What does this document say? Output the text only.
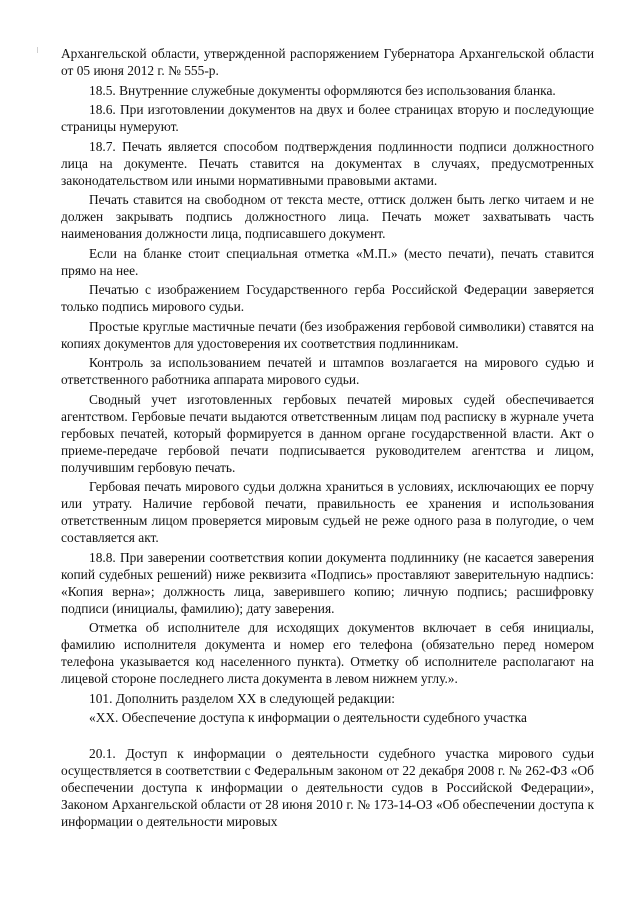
Архангельской области, утвержденной распоряжением Губернатора Архангельской области от 05 июня 2012 г. № 555-р.

18.5. Внутренние служебные документы оформляются без использования бланка.

18.6. При изготовлении документов на двух и более страницах вторую и последующие страницы нумеруют.

18.7. Печать является способом подтверждения подлинности подписи должностного лица на документе. Печать ставится на документах в случаях, предусмотренных законодательством или иными нормативными правовыми актами.

Печать ставится на свободном от текста месте, оттиск должен быть легко читаем и не должен закрывать подпись должностного лица. Печать может захватывать часть наименования должности лица, подписавшего документ.

Если на бланке стоит специальная отметка «М.П.» (место печати), печать ставится прямо на нее.

Печатью с изображением Государственного герба Российской Федерации заверяется только подпись мирового судьи.

Простые круглые мастичные печати (без изображения гербовой символики) ставятся на копиях документов для удостоверения их соответствия подлинникам.

Контроль за использованием печатей и штампов возлагается на мирового судью и ответственного работника аппарата мирового судьи.

Сводный учет изготовленных гербовых печатей мировых судей обеспечивается агентством. Гербовые печати выдаются ответственным лицам под расписку в журнале учета гербовых печатей, который формируется в данном органе государственной власти. Акт о приеме-передаче гербовой печати подписывается руководителем агентства и лицом, получившим гербовую печать.

Гербовая печать мирового судьи должна храниться в условиях, исключающих ее порчу или утрату. Наличие гербовой печати, правильность ее хранения и использования ответственным лицом проверяется мировым судьей не реже одного раза в полугодие, о чем составляется акт.

18.8. При заверении соответствия копии документа подлиннику (не касается заверения копий судебных решений) ниже реквизита «Подпись» проставляют заверительную надпись: «Копия верна»; должность лица, заверившего копию; личную подпись; расшифровку подписи (инициалы, фамилию); дату заверения.

Отметка об исполнителе для исходящих документов включает в себя инициалы, фамилию исполнителя документа и номер его телефона (обязательно перед номером телефона указывается код населенного пункта). Отметку об исполнителе располагают на лицевой стороне последнего листа документа в левом нижнем углу.».

101. Дополнить разделом XX в следующей редакции:

«XX. Обеспечение доступа к информации о деятельности судебного участка

20.1. Доступ к информации о деятельности судебного участка мирового судьи осуществляется в соответствии с Федеральным законом от 22 декабря 2008 г. № 262-ФЗ «Об обеспечении доступа к информации о деятельности судов в Российской Федерации», Законом Архангельской области от 28 июня 2010 г. № 173-14-ОЗ «Об обеспечении доступа к информации о деятельности мировых
